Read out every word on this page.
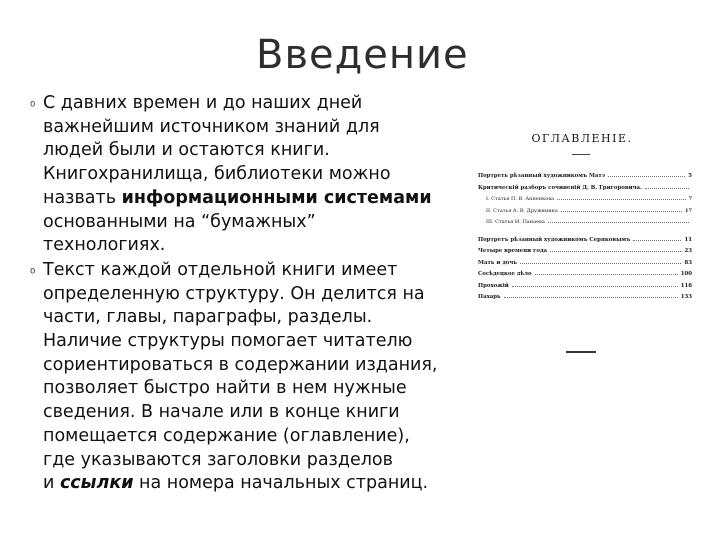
Введение
⁰ С давних времен и до наших дней
важнейшим источником знаний для
людей были и остаются книги.
Книгохранилища, библиотеки можно
назвать информационными системами
основанными на “бумажных”
технологиях.
⁰ Текст каждой отдельной книги имеет
определенную структуру. Он делится на
части, главы, параграфы, разделы.
Наличие структуры помогает читателю
сориентироваться в содержании издания,
позволяет быстро найти в нем нужные
сведения. В начале или в конце книги
помещается содержание (оглавление),
где указываются заголовки разделов
и ссылки на номера начальных страниц.
ОГЛАВЛЕНІЕ.
Портреть рѣзанный художникомъ Матэ	5
Критическій разборъ сочиненій Д. В. Григоровича.
I. Статья П. В. Анненкова	7
II. Статья А. В. Дружинина	17
III. Статья И. Панаева
Портретъ рѣзанный художникомъ Серяковымъ	11
Четыре времени года	23
Мать и дочь	83
Сосѣдецкое дѣло	100
Прохожій	118
Пахарь	133
